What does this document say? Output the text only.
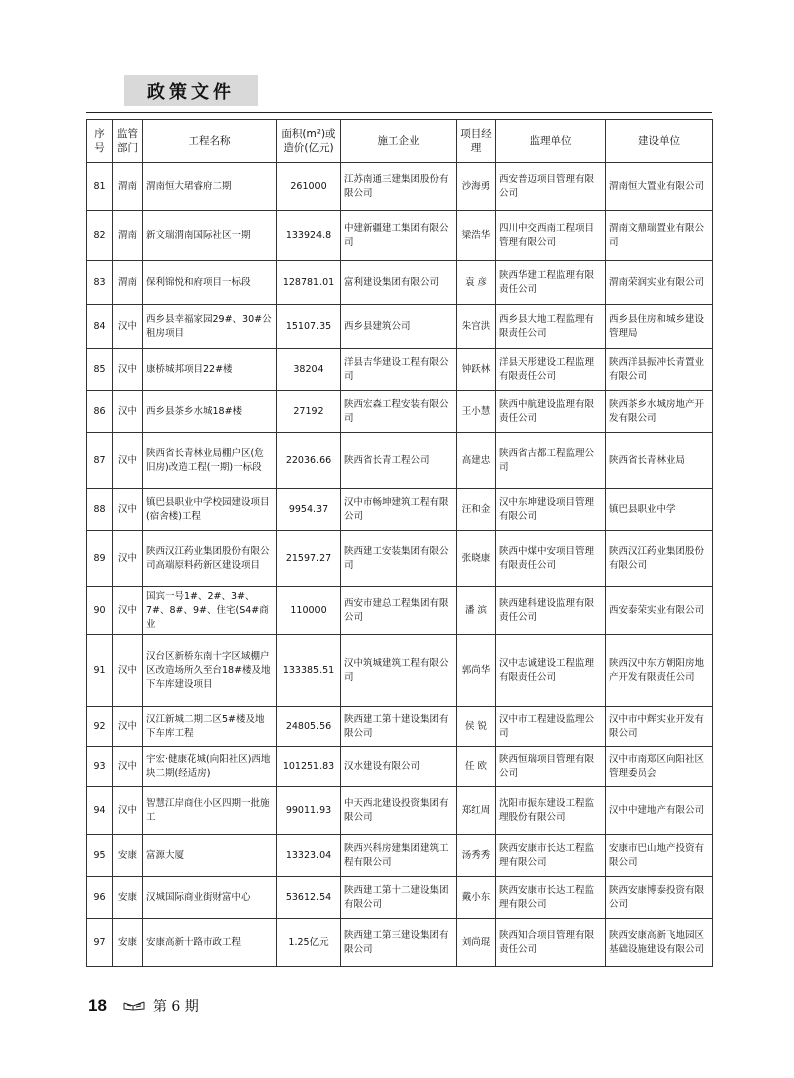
政策文件
序号	监管部门	工程名称	面积(m²)或造价(亿元)	施工企业	项目经理	监理单位	建设单位
81	渭南	渭南恒大珺睿府二期	261000	江苏南通三建集团股份有限公司	沙海勇	西安普迈项目管理有限公司	渭南恒大置业有限公司
82	渭南	新文瑞渭南国际社区一期	133924.8	中建新疆建工集团有限公司	梁浩华	四川中交西南工程项目管理有限公司	渭南文鼎瑞置业有限公司
83	渭南	保利锦悦和府项目一标段	128781.01	富利建设集团有限公司	袁 彦	陕西华建工程监理有限责任公司	渭南荣润实业有限公司
84	汉中	西乡县幸福家园29#、30#公租房项目	15107.35	西乡县建筑公司	朱宫洪	西乡县大地工程监理有限责任公司	西乡县住房和城乡建设管理局
85	汉中	康桥城邦项目22#楼	38204	洋县吉华建设工程有限公司	钟跃林	洋县天彤建设工程监理有限责任公司	陕西洋县振冲长青置业有限公司
86	汉中	西乡县茶乡水城18#楼	27192	陕西宏森工程安装有限公司	王小慧	陕西中航建设监理有限责任公司	陕西茶乡水城房地产开发有限公司
87	汉中	陕西省长青林业局棚户区(危旧房)改造工程(一期)一标段	22036.66	陕西省长青工程公司	高建忠	陕西省古都工程监理公司	陕西省长青林业局
88	汉中	镇巴县职业中学校园建设项目(宿舍楼)工程	9954.37	汉中市畅坤建筑工程有限公司	汪和金	汉中东坤建设项目管理有限公司	镇巴县职业中学
89	汉中	陕西汉江药业集团股份有限公司高端原料药新区建设项目	21597.27	陕西建工安装集团有限公司	张晓康	陕西中煤中安项目管理有限责任公司	陕西汉江药业集团股份有限公司
90	汉中	国宾一号1#、2#、3#、7#、8#、9#、住宅(S4#商业	110000	西安市建总工程集团有限公司	潘 滨	陕西建科建设监理有限责任公司	西安泰荣实业有限公司
91	汉中	汉台区新桥东南十字区域棚户区改造场所久至台18#楼及地下车库建设项目	133385.51	汉中筑城建筑工程有限公司	郭尚华	汉中志诚建设工程监理有限责任公司	陕西汉中东方朝阳房地产开发有限责任公司
92	汉中	汉江新城二期二区5#楼及地下车库工程	24805.56	陕西建工第十建设集团有限公司	侯 锐	汉中市工程建设监理公司	汉中市中辉实业开发有限公司
93	汉中	宇宏·健康花城(向阳社区)西地块二期(经适房)	101251.83	汉水建设有限公司	任 欧	陕西恒瑞项目管理有限公司	汉中市南郑区向阳社区管理委员会
94	汉中	智慧江岸商住小区四期一批施工	99011.93	中天西北建设投资集团有限公司	郑红周	沈阳市振东建设工程监理股份有限公司	汉中中建地产有限公司
95	安康	富源大厦	13323.04	陕西兴科房建集团建筑工程有限公司	汤秀秀	陕西安康市长达工程监理有限公司	安康市巴山地产投资有限公司
96	安康	汉城国际商业街财富中心	53612.54	陕西建工第十二建设集团有限公司	戴小东	陕西安康市长达工程监理有限公司	陕西安康博泰投资有限公司
97	安康	安康高新十路市政工程	1.25亿元	陕西建工第三建设集团有限公司	刘尚琨	陕西知合项目管理有限责任公司	陕西安康高新飞地园区基础设施建设有限公司
18	第 6 期
